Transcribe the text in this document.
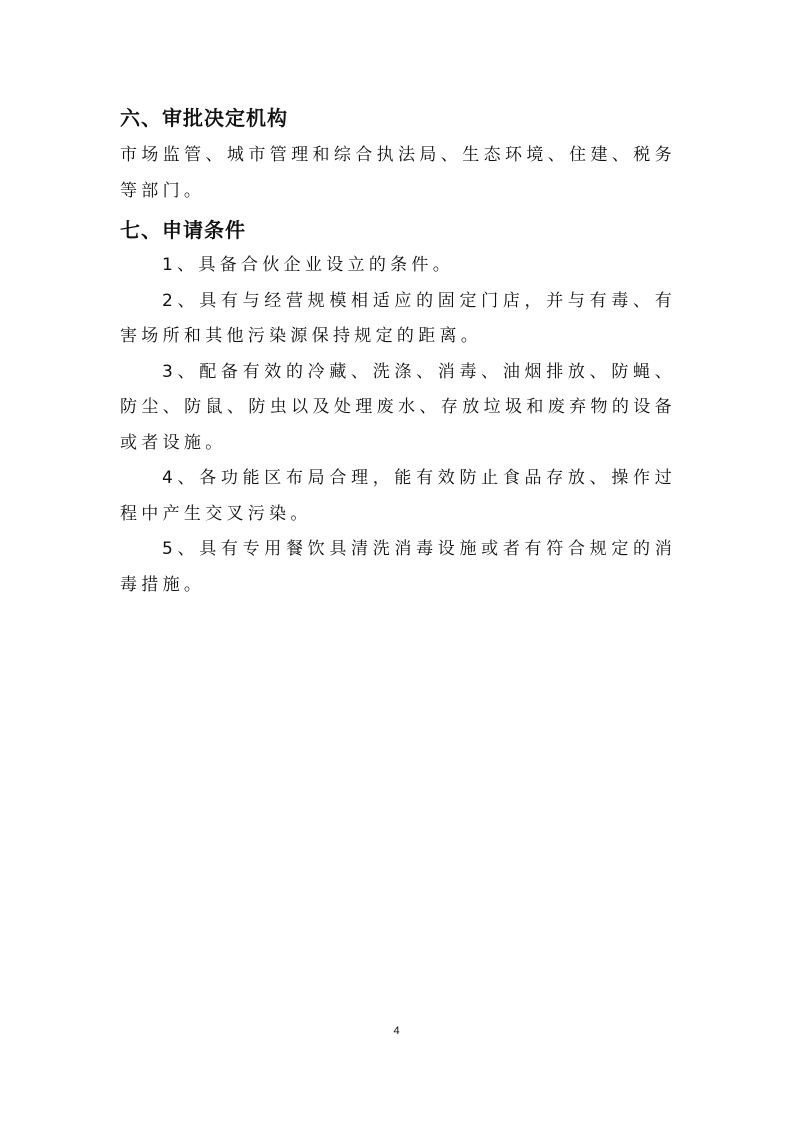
六、审批决定机构

市场监管、城市管理和综合执法局、生态环境、住建、税务等部门。

七、申请条件

1、具备合伙企业设立的条件。

2、具有与经营规模相适应的固定门店，并与有毒、有害场所和其他污染源保持规定的距离。

3、配备有效的冷藏、洗涤、消毒、油烟排放、防蝇、防尘、防鼠、防虫以及处理废水、存放垃圾和废弃物的设备或者设施。

4、各功能区布局合理，能有效防止食品存放、操作过程中产生交叉污染。

5、具有专用餐饮具清洗消毒设施或者有符合规定的消毒措施。

4
